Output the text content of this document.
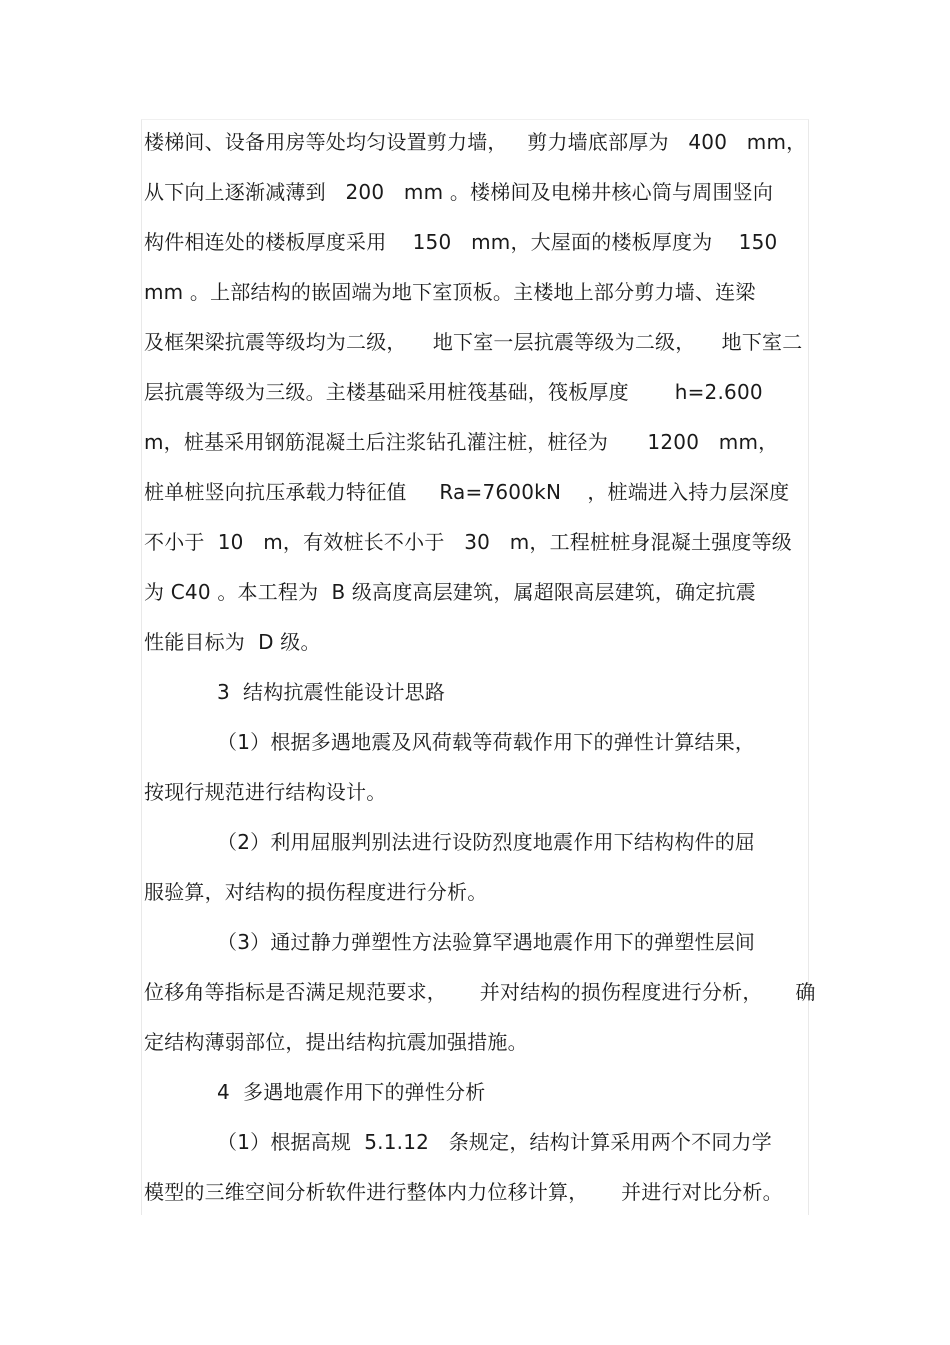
楼梯间、设备用房等处均匀设置剪力墙，   剪力墙底部厚为   400   mm，
从下向上逐渐减薄到   200   mm 。楼梯间及电梯井核心筒与周围竖向
构件相连处的楼板厚度采用    150   mm，大屋面的楼板厚度为    150
mm 。上部结构的嵌固端为地下室顶板。主楼地上部分剪力墙、连梁
及框架梁抗震等级均为二级，    地下室一层抗震等级为二级，    地下室二
层抗震等级为三级。主楼基础采用桩筏基础，筏板厚度       h=2.600
m，桩基采用钢筋混凝土后注浆钻孔灌注桩，桩径为      1200   mm，
桩单桩竖向抗压承载力特征值     Ra=7600kN    ，桩端进入持力层深度
不小于  10   m，有效桩长不小于   30   m，工程桩桩身混凝土强度等级
为 C40 。本工程为  B 级高度高层建筑，属超限高层建筑，确定抗震
性能目标为  D 级。
3  结构抗震性能设计思路
（1）根据多遇地震及风荷载等荷载作用下的弹性计算结果，
按现行规范进行结构设计。
（2）利用屈服判别法进行设防烈度地震作用下结构构件的屈
服验算，对结构的损伤程度进行分析。
（3）通过静力弹塑性方法验算罕遇地震作用下的弹塑性层间
位移角等指标是否满足规范要求，     并对结构的损伤程度进行分析，     确
定结构薄弱部位，提出结构抗震加强措施。
4  多遇地震作用下的弹性分析
（1）根据高规  5.1.12   条规定，结构计算采用两个不同力学
模型的三维空间分析软件进行整体内力位移计算，     并进行对比分析。
